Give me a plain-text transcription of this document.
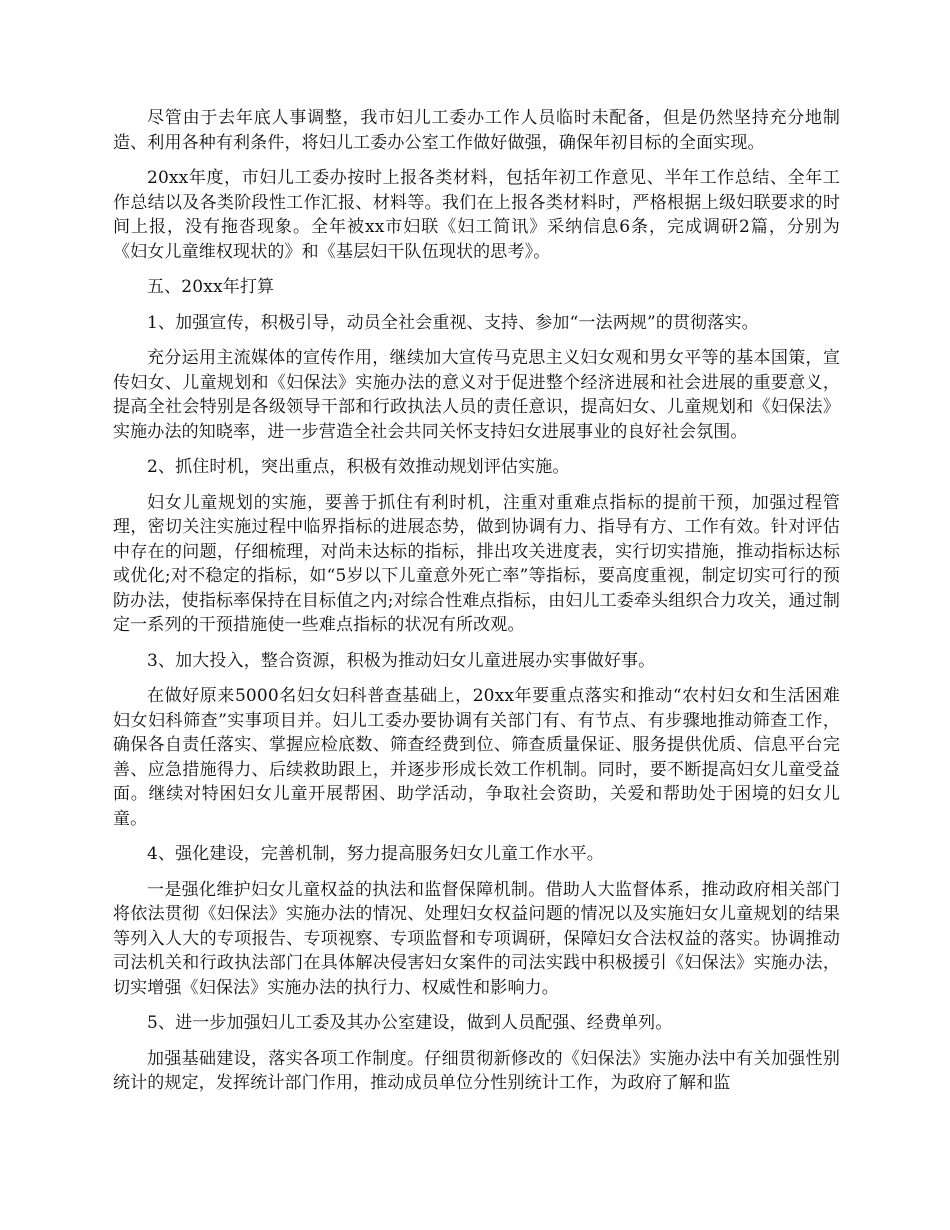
尽管由于去年底人事调整，我市妇儿工委办工作人员临时未配备，但是仍然坚持充分地制造、利用各种有利条件，将妇儿工委办公室工作做好做强，确保年初目标的全面实现。

20xx年度，市妇儿工委办按时上报各类材料，包括年初工作意见、半年工作总结、全年工作总结以及各类阶段性工作汇报、材料等。我们在上报各类材料时，严格根据上级妇联要求的时间上报，没有拖沓现象。全年被xx市妇联《妇工简讯》采纳信息6条，完成调研2篇，分别为《妇女儿童维权现状的》和《基层妇干队伍现状的思考》。

五、20xx年打算

1、加强宣传，积极引导，动员全社会重视、支持、参加“一法两规”的贯彻落实。

充分运用主流媒体的宣传作用，继续加大宣传马克思主义妇女观和男女平等的基本国策，宣传妇女、儿童规划和《妇保法》实施办法的意义对于促进整个经济进展和社会进展的重要意义，提高全社会特别是各级领导干部和行政执法人员的责任意识，提高妇女、儿童规划和《妇保法》实施办法的知晓率，进一步营造全社会共同关怀支持妇女进展事业的良好社会氛围。

2、抓住时机，突出重点，积极有效推动规划评估实施。

妇女儿童规划的实施，要善于抓住有利时机，注重对重难点指标的提前干预，加强过程管理，密切关注实施过程中临界指标的进展态势，做到协调有力、指导有方、工作有效。针对评估中存在的问题，仔细梳理，对尚未达标的指标，排出攻关进度表，实行切实措施，推动指标达标或优化;对不稳定的指标，如“5岁以下儿童意外死亡率”等指标，要高度重视，制定切实可行的预防办法，使指标率保持在目标值之内;对综合性难点指标，由妇儿工委牵头组织合力攻关，通过制定一系列的干预措施使一些难点指标的状况有所改观。

3、加大投入，整合资源，积极为推动妇女儿童进展办实事做好事。

在做好原来5000名妇女妇科普查基础上，20xx年要重点落实和推动“农村妇女和生活困难妇女妇科筛查”实事项目并。妇儿工委办要协调有关部门有、有节点、有步骤地推动筛查工作，确保各自责任落实、掌握应检底数、筛查经费到位、筛查质量保证、服务提供优质、信息平台完善、应急措施得力、后续救助跟上，并逐步形成长效工作机制。同时，要不断提高妇女儿童受益面。继续对特困妇女儿童开展帮困、助学活动，争取社会资助，关爱和帮助处于困境的妇女儿童。

4、强化建设，完善机制，努力提高服务妇女儿童工作水平。

一是强化维护妇女儿童权益的执法和监督保障机制。借助人大监督体系，推动政府相关部门将依法贯彻《妇保法》实施办法的情况、处理妇女权益问题的情况以及实施妇女儿童规划的结果等列入人大的专项报告、专项视察、专项监督和专项调研，保障妇女合法权益的落实。协调推动司法机关和行政执法部门在具体解决侵害妇女案件的司法实践中积极援引《妇保法》实施办法，切实增强《妇保法》实施办法的执行力、权威性和影响力。

5、进一步加强妇儿工委及其办公室建设，做到人员配强、经费单列。

加强基础建设，落实各项工作制度。仔细贯彻新修改的《妇保法》实施办法中有关加强性别统计的规定，发挥统计部门作用，推动成员单位分性别统计工作，为政府了解和监
